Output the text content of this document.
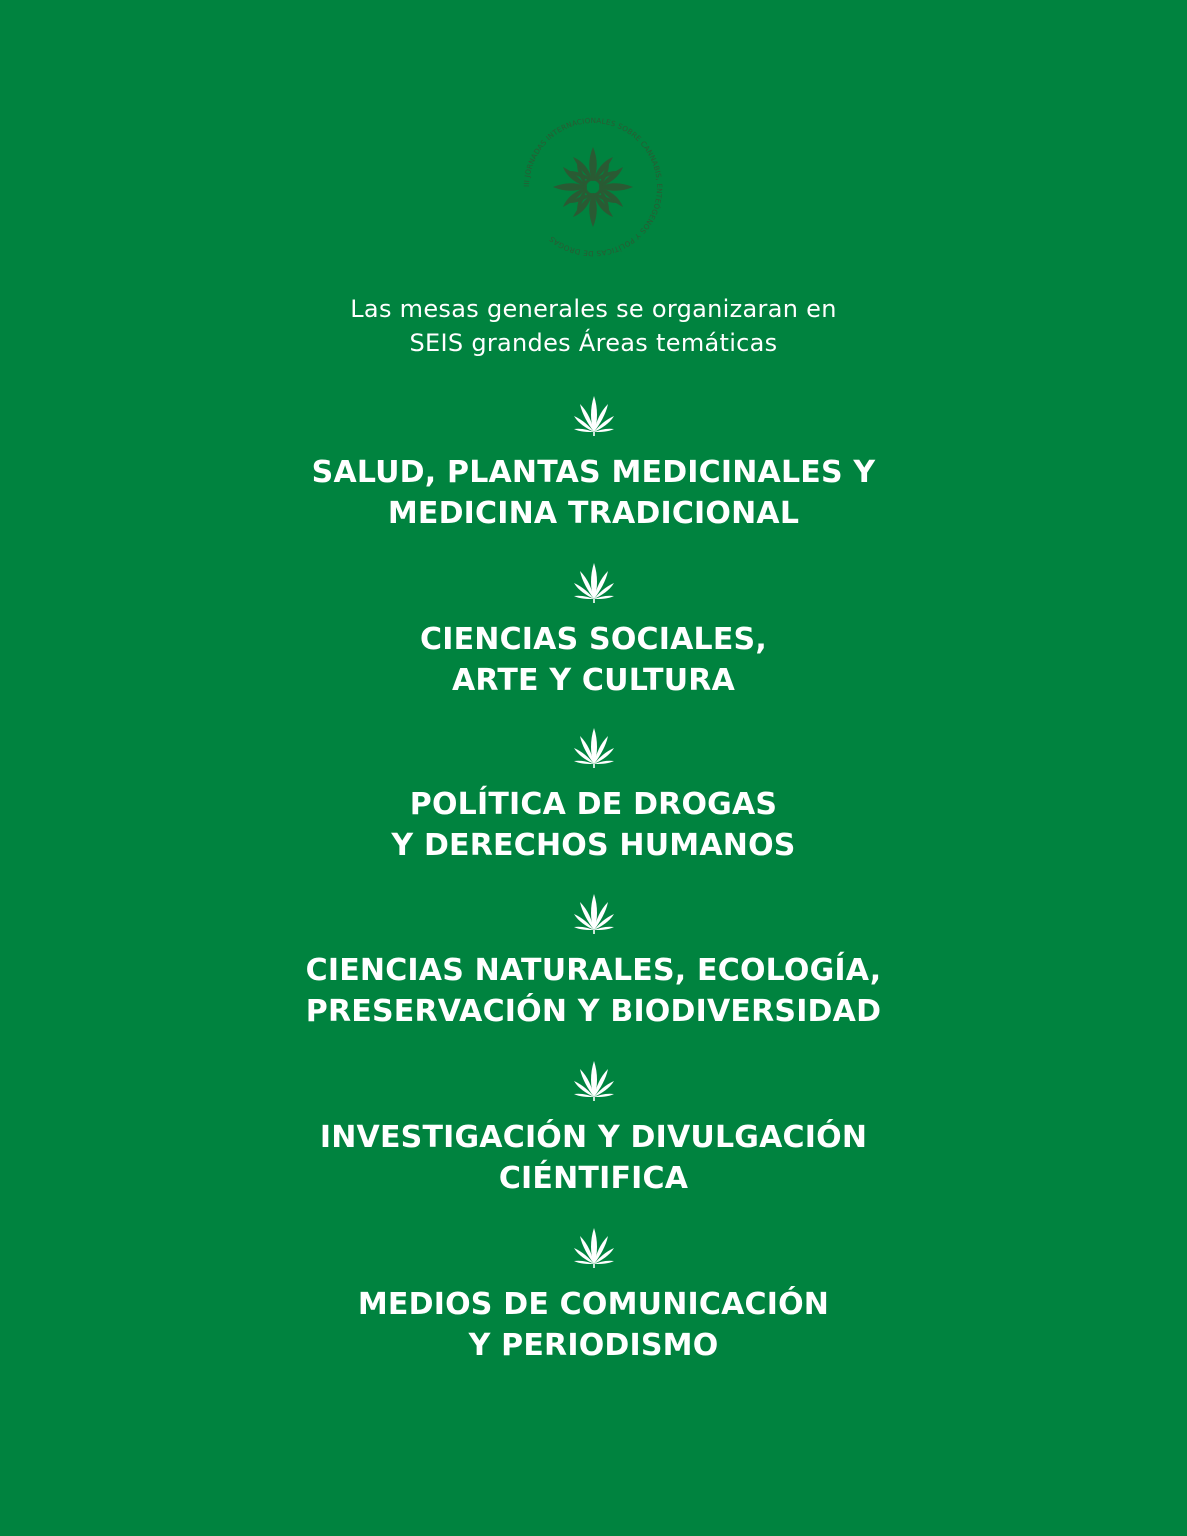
III JORNADAS INTERNACIONALES SOBRE CANNABIS, ENTEÓGENOS Y POLÍTICAS DE DROGAS
Las mesas generales se organizaran en
SEIS grandes Áreas temáticas
SALUD, PLANTAS MEDICINALES Y
MEDICINA TRADICIONAL
CIENCIAS SOCIALES,
ARTE Y CULTURA
POLÍTICA DE DROGAS
Y DERECHOS HUMANOS
CIENCIAS NATURALES, ECOLOGÍA,
PRESERVACIÓN Y BIODIVERSIDAD
INVESTIGACIÓN Y DIVULGACIÓN
CIÉNTIFICA
MEDIOS DE COMUNICACIÓN
Y PERIODISMO
